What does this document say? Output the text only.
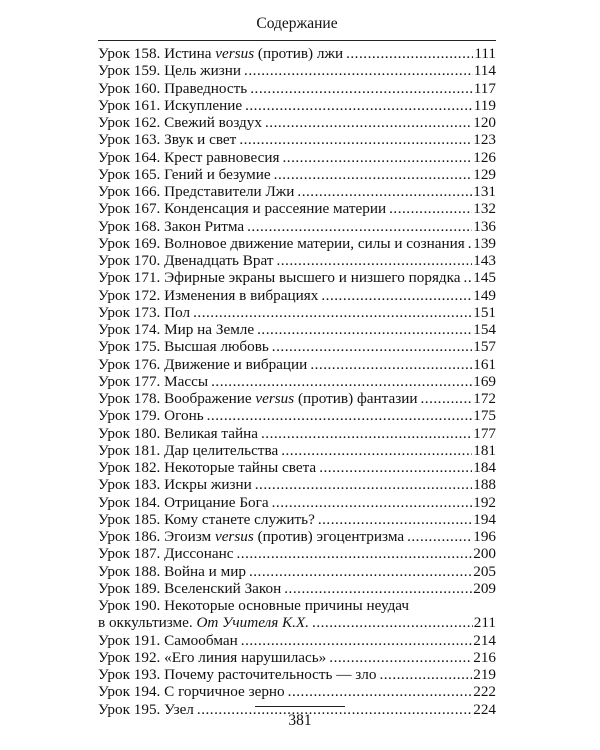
Содержание
Урок 158. Истина versus (против) лжи .....	111
Урок 159. Цель жизни .....	114
Урок 160. Праведность .....	117
Урок 161. Искупление .....	119
Урок 162. Свежий воздух .....	120
Урок 163. Звук и свет .....	123
Урок 164. Крест равновесия .....	126
Урок 165. Гений и безумие .....	129
Урок 166. Представители Лжи .....	131
Урок 167. Конденсация и рассеяние материи .....	132
Урок 168. Закон Ритма .....	136
Урок 169. Волновое движение материи, силы и сознания ..... 139
Урок 170. Двенадцать Врат .....	143
Урок 171. Эфирные экраны высшего и низшего порядка ..... 145
Урок 172. Изменения в вибрациях .....	149
Урок 173. Пол .....	151
Урок 174. Мир на Земле .....	154
Урок 175. Высшая любовь .....	157
Урок 176. Движение и вибрации .....	161
Урок 177. Массы .....	169
Урок 178. Воображение versus (против) фантазии .....	172
Урок 179. Огонь .....	175
Урок 180. Великая тайна .....	177
Урок 181. Дар целительства .....	181
Урок 182. Некоторые тайны света .....	184
Урок 183. Искры жизни .....	188
Урок 184. Отрицание Бога .....	192
Урок 185. Кому станете служить? .....	194
Урок 186. Эгоизм versus (против) эгоцентризма .....	196
Урок 187. Диссонанс .....	200
Урок 188. Война и мир .....	205
Урок 189. Вселенский Закон .....	209
Урок 190. Некоторые основные причины неудач
в оккультизме. От Учителя К.Х. .....	211
Урок 191. Самообман .....	214
Урок 192. «Его линия нарушилась» .....	216
Урок 193. Почему расточительность — зло .....	219
Урок 194. С горчичное зерно .....	222
Урок 195. Узел .....	224
381
